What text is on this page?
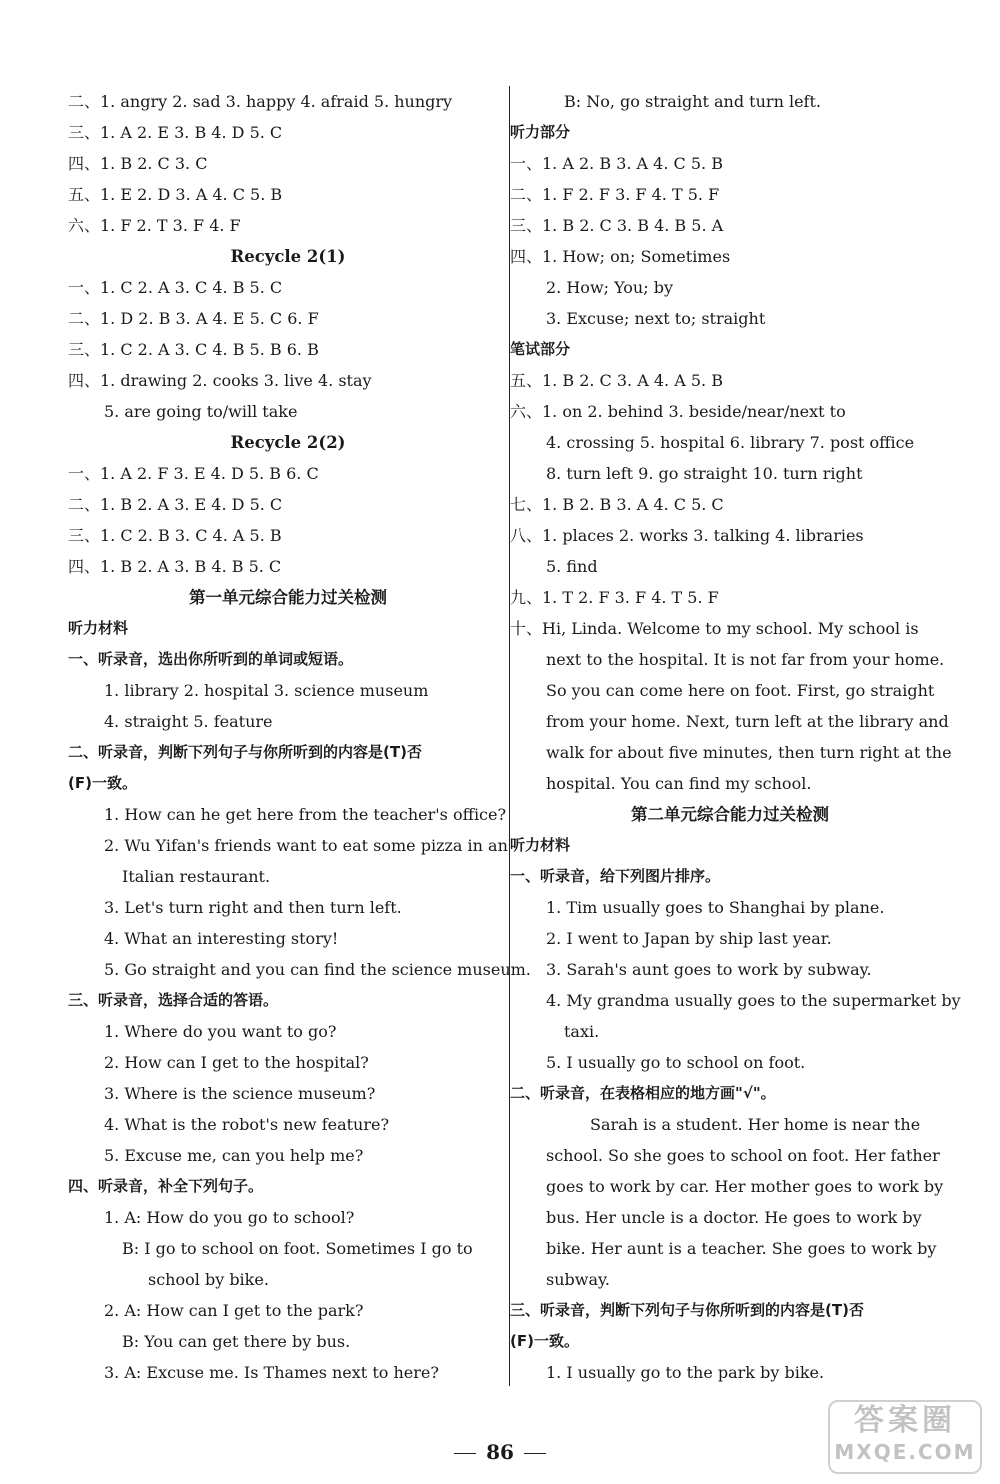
二、1. angry 2. sad 3. happy 4. afraid 5. hungry
三、1. A 2. E 3. B 4. D 5. C
四、1. B 2. C 3. C
五、1. E 2. D 3. A 4. C 5. B
六、1. F 2. T 3. F 4. F
Recycle 2(1)
一、1. C 2. A 3. C 4. B 5. C
二、1. D 2. B 3. A 4. E 5. C 6. F
三、1. C 2. A 3. C 4. B 5. B 6. B
四、1. drawing 2. cooks 3. live 4. stay
5. are going to/will take
Recycle 2(2)
一、1. A 2. F 3. E 4. D 5. B 6. C
二、1. B 2. A 3. E 4. D 5. C
三、1. C 2. B 3. C 4. A 5. B
四、1. B 2. A 3. B 4. B 5. C
第一单元综合能力过关检测
听力材料
一、听录音，选出你所听到的单词或短语。
1. library 2. hospital 3. science museum
4. straight 5. feature
二、听录音，判断下列句子与你所听到的内容是(T)否
(F)一致。
1. How can he get here from the teacher's office?
2. Wu Yifan's friends want to eat some pizza in an
Italian restaurant.
3. Let's turn right and then turn left.
4. What an interesting story!
5. Go straight and you can find the science museum.
三、听录音，选择合适的答语。
1. Where do you want to go?
2. How can I get to the hospital?
3. Where is the science museum?
4. What is the robot's new feature?
5. Excuse me, can you help me?
四、听录音，补全下列句子。
1. A: How do you go to school?
B: I go to school on foot. Sometimes I go to
school by bike.
2. A: How can I get to the park?
B: You can get there by bus.
3. A: Excuse me. Is Thames next to here?
B: No, go straight and turn left.
听力部分
一、1. A 2. B 3. A 4. C 5. B
二、1. F 2. F 3. F 4. T 5. F
三、1. B 2. C 3. B 4. B 5. A
四、1. How; on; Sometimes
2. How; You; by
3. Excuse; next to; straight
笔试部分
五、1. B 2. C 3. A 4. A 5. B
六、1. on 2. behind 3. beside/near/next to
4. crossing 5. hospital 6. library 7. post office
8. turn left 9. go straight 10. turn right
七、1. B 2. B 3. A 4. C 5. C
八、1. places 2. works 3. talking 4. libraries
5. find
九、1. T 2. F 3. F 4. T 5. F
十、Hi, Linda. Welcome to my school. My school is
next to the hospital. It is not far from your home.
So you can come here on foot. First, go straight
from your home. Next, turn left at the library and
walk for about five minutes, then turn right at the
hospital. You can find my school.
第二单元综合能力过关检测
听力材料
一、听录音，给下列图片排序。
1. Tim usually goes to Shanghai by plane.
2. I went to Japan by ship last year.
3. Sarah's aunt goes to work by subway.
4. My grandma usually goes to the supermarket by
taxi.
5. I usually go to school on foot.
二、听录音，在表格相应的地方画"√"。
Sarah is a student. Her home is near the
school. So she goes to school on foot. Her father
goes to work by car. Her mother goes to work by
bus. Her uncle is a doctor. He goes to work by
bike. Her aunt is a teacher. She goes to work by
subway.
三、听录音，判断下列句子与你所听到的内容是(T)否
(F)一致。
1. I usually go to the park by bike.
86
答案圈
MXQE.COM
